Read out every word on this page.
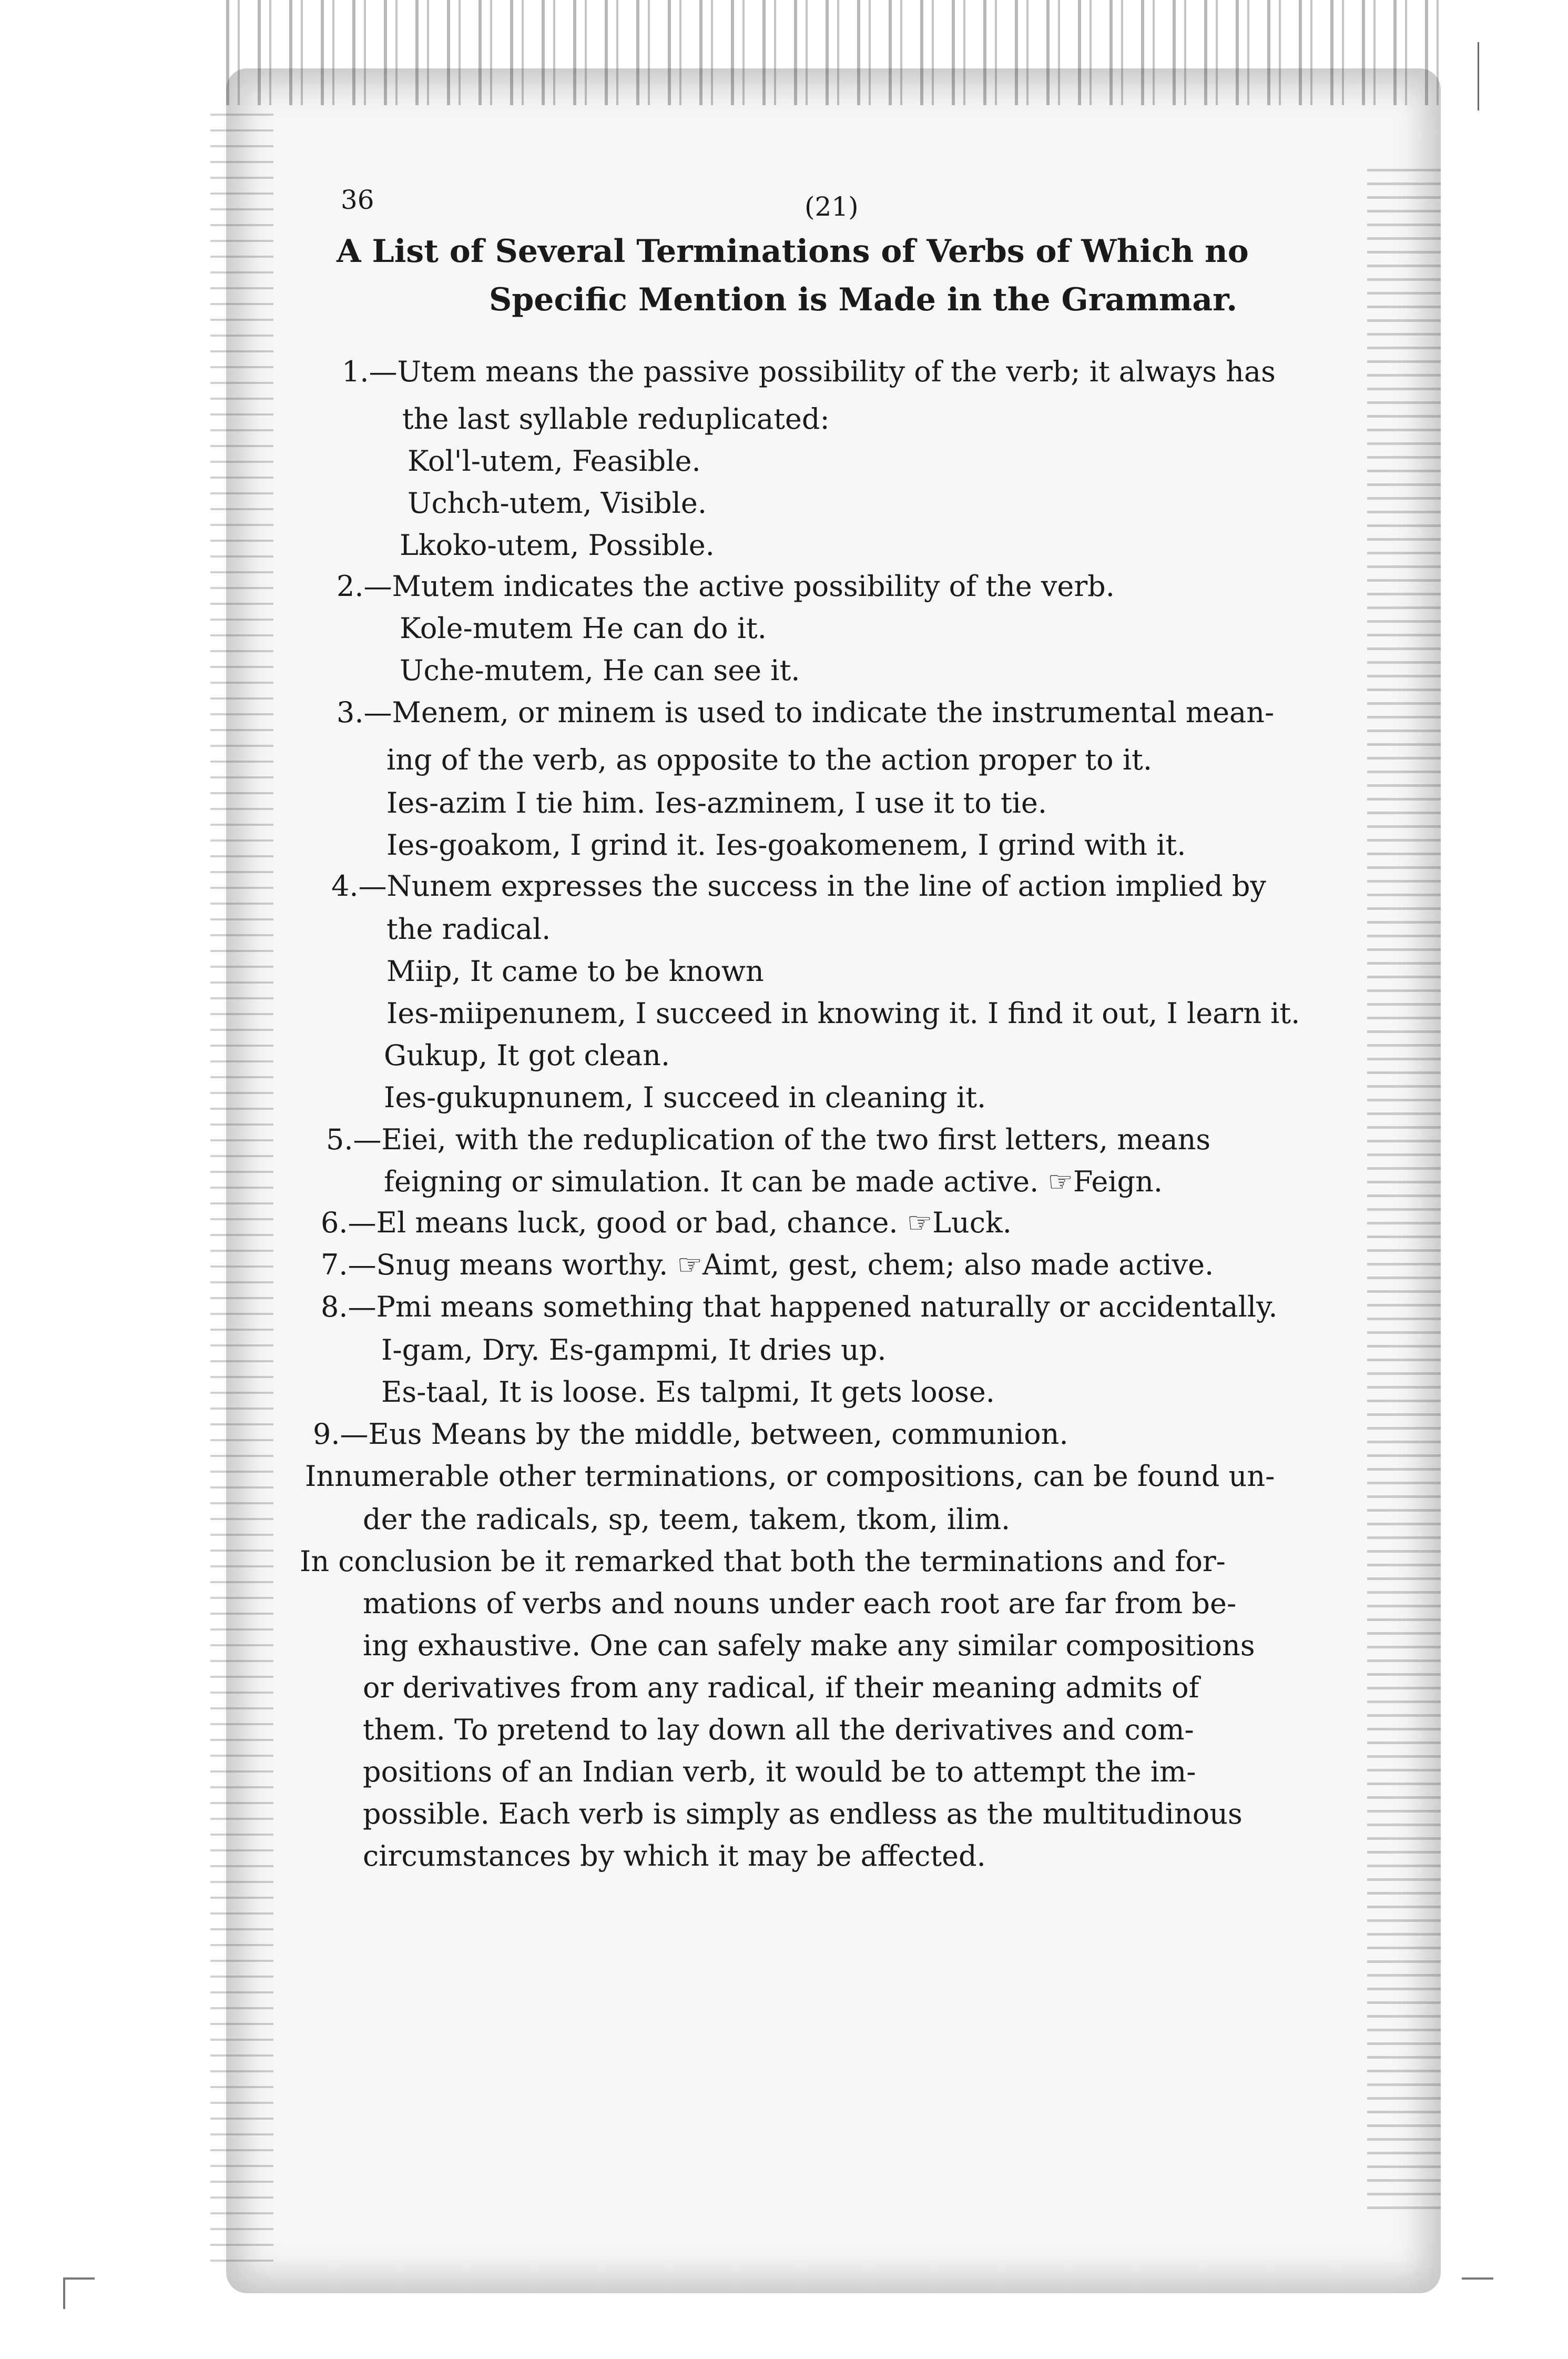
36	(21)
A List of Several Terminations of Verbs of Which no
Specific Mention is Made in the Grammar.
1.—Utem means the passive possibility of the verb; it always has
the last syllable reduplicated:
Kol'l-utem, Feasible.
Uchch-utem, Visible.
Lkoko-utem, Possible.
2.—Mutem indicates the active possibility of the verb.
Kole-mutem He can do it.
Uche-mutem, He can see it.
3.—Menem, or minem is used to indicate the instrumental mean-
ing of the verb, as opposite to the action proper to it.
Ies-azim I tie him. Ies-azminem, I use it to tie.
Ies-goakom, I grind it. Ies-goakomenem, I grind with it.
4.—Nunem expresses the success in the line of action implied by
the radical.
Miip, It came to be known
Ies-miipenunem, I succeed in knowing it. I find it out, I learn it.
Gukup, It got clean.
Ies-gukupnunem, I succeed in cleaning it.
5.—Eiei, with the reduplication of the two first letters, means
feigning or simulation. It can be made active. ☞Feign.
6.—El means luck, good or bad, chance. ☞Luck.
7.—Snug means worthy. ☞Aimt, gest, chem; also made active.
8.—Pmi means something that happened naturally or accidentally.
I-gam, Dry. Es-gampmi, It dries up.
Es-taal, It is loose. Es talpmi, It gets loose.
9.—Eus Means by the middle, between, communion.
Innumerable other terminations, or compositions, can be found un-
der the radicals, sp, teem, takem, tkom, ilim.
In conclusion be it remarked that both the terminations and for-
mations of verbs and nouns under each root are far from be-
ing exhaustive. One can safely make any similar compositions
or derivatives from any radical, if their meaning admits of
them. To pretend to lay down all the derivatives and com-
positions of an Indian verb, it would be to attempt the im-
possible. Each verb is simply as endless as the multitudinous
circumstances by which it may be affected.
